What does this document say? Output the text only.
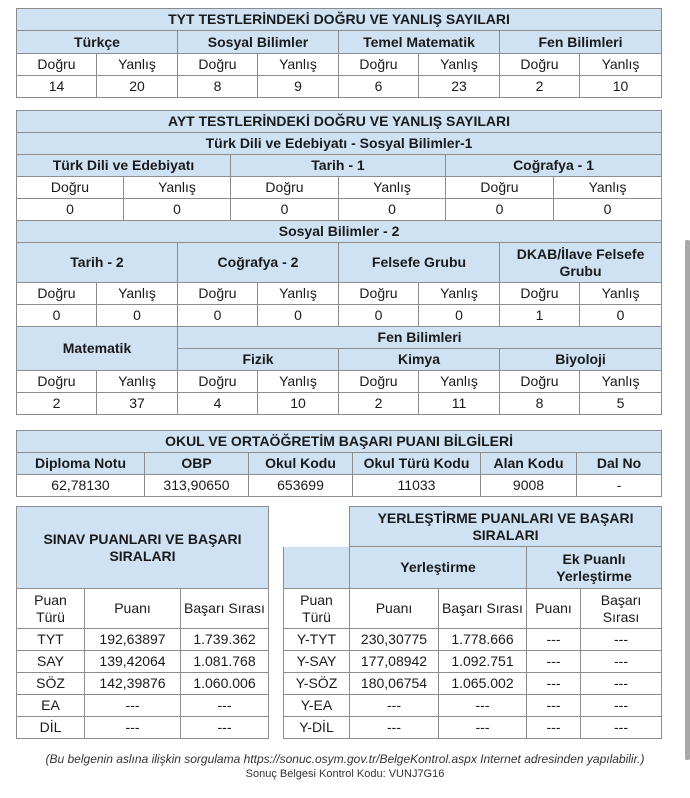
TYT TESTLERİNDEKİ DOĞRU VE YANLIŞ SAYILARI							
Türkçe		Sosyal Bilimler		Temel Matematik		Fen Bilimleri	
Doğru	Yanlış	Doğru	Yanlış	Doğru	Yanlış	Doğru	Yanlış
14	20	8	9	6	23	2	10
AYT TESTLERİNDEKİ DOĞRU VE YANLIŞ SAYILARI					
Türk Dili ve Edebiyatı - Sosyal Bilimler-1					
Türk Dili ve Edebiyatı		Tarih - 1		Coğrafya - 1	
Doğru	Yanlış	Doğru	Yanlış	Doğru	Yanlış
0	0	0	0	0	0
Sosyal Bilimler - 2							
Tarih - 2		Coğrafya - 2		Felsefe Grubu		DKAB/İlave Felsefe Grubu	
Doğru	Yanlış	Doğru	Yanlış	Doğru	Yanlış	Doğru	Yanlış
0	0	0	0	0	0	1	0
Matematik		Fen Bilimleri					
		Fizik		Kimya		Biyoloji	
Doğru	Yanlış	Doğru	Yanlış	Doğru	Yanlış	Doğru	Yanlış
2	37	4	10	2	11	8	5
OKUL VE ORTAÖĞRETİM BAŞARI PUANI BİLGİLERİ					
Diploma Notu	OBP	Okul Kodu	Okul Türü Kodu	Alan Kodu	Dal No
62,78130	313,90650	653699	11033	9008	-
SINAV PUANLARI VE BAŞARI SIRALARI		
Puan Türü	Puanı	Başarı Sırası
TYT	192,63897	1.739.362
SAY	139,42064	1.081.768
SÖZ	142,39876	1.060.006
EA	---	---
DİL	---	---
	YERLEŞTİRME PUANLARI VE BAŞARI SIRALARI			
	Yerleştirme		Ek Puanlı Yerleştirme	
Puan Türü	Puanı	Başarı Sırası	Puanı	Başarı Sırası
Y-TYT	230,30775	1.778.666	---	---
Y-SAY	177,08942	1.092.751	---	---
Y-SÖZ	180,06754	1.065.002	---	---
Y-EA	---	---	---	---
Y-DİL	---	---	---	---
(Bu belgenin aslına ilişkin sorgulama https://sonuc.osym.gov.tr/BelgeKontrol.aspx Internet adresinden yapılabilir.)
Sonuç Belgesi Kontrol Kodu: VUNJ7G16
